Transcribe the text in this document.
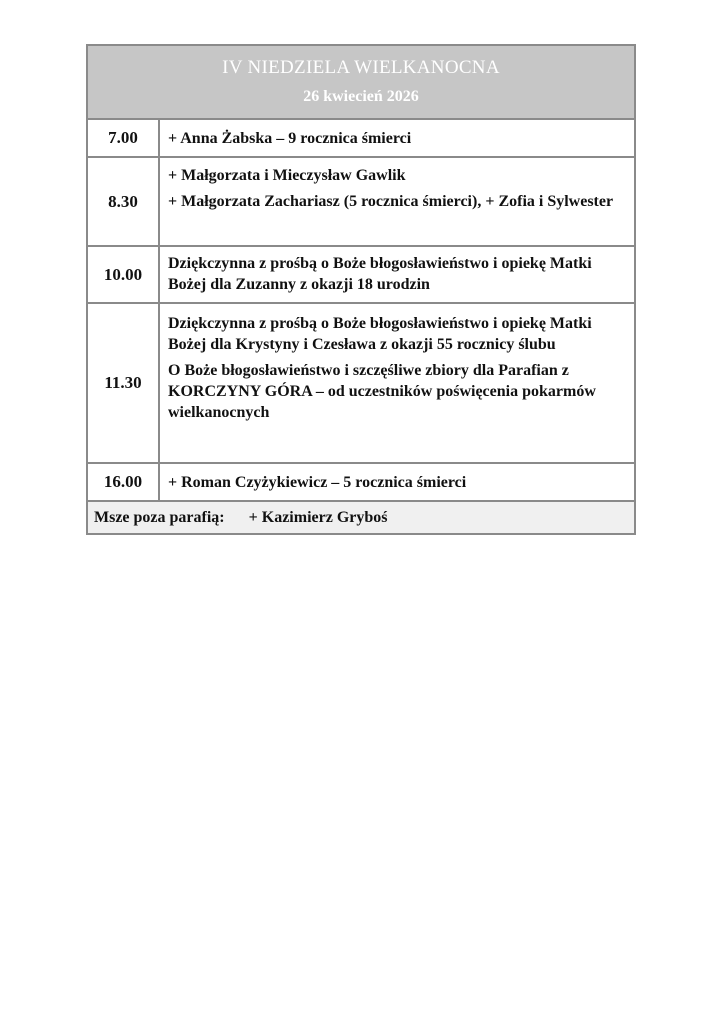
IV NIEDZIELA WIELKANOCNA
26 kwiecień 2026
7.00	+ Anna Żabska – 9 rocznica śmierci

8.30

+ Małgorzata i Mieczysław Gawlik

+ Małgorzata Zachariasz (5 rocznica śmierci), + Zofia i Sylwester

10.00

Dziękczynna z prośbą o Boże błogosławieństwo i opiekę Matki Bożej dla Zuzanny z okazji 18 urodzin

11.30

Dziękczynna z prośbą o Boże błogosławieństwo i opiekę Matki Bożej dla Krystyny i Czesława z okazji 55 rocznicy ślubu

O Boże błogosławieństwo i szczęśliwe zbiory dla Parafian z KORCZYNY GÓRA – od uczestników poświęcenia pokarmów wielkanocnych

16.00	+ Roman Czyżykiewicz – 5 rocznica śmierci

Msze poza parafią: + Kazimierz Gryboś
